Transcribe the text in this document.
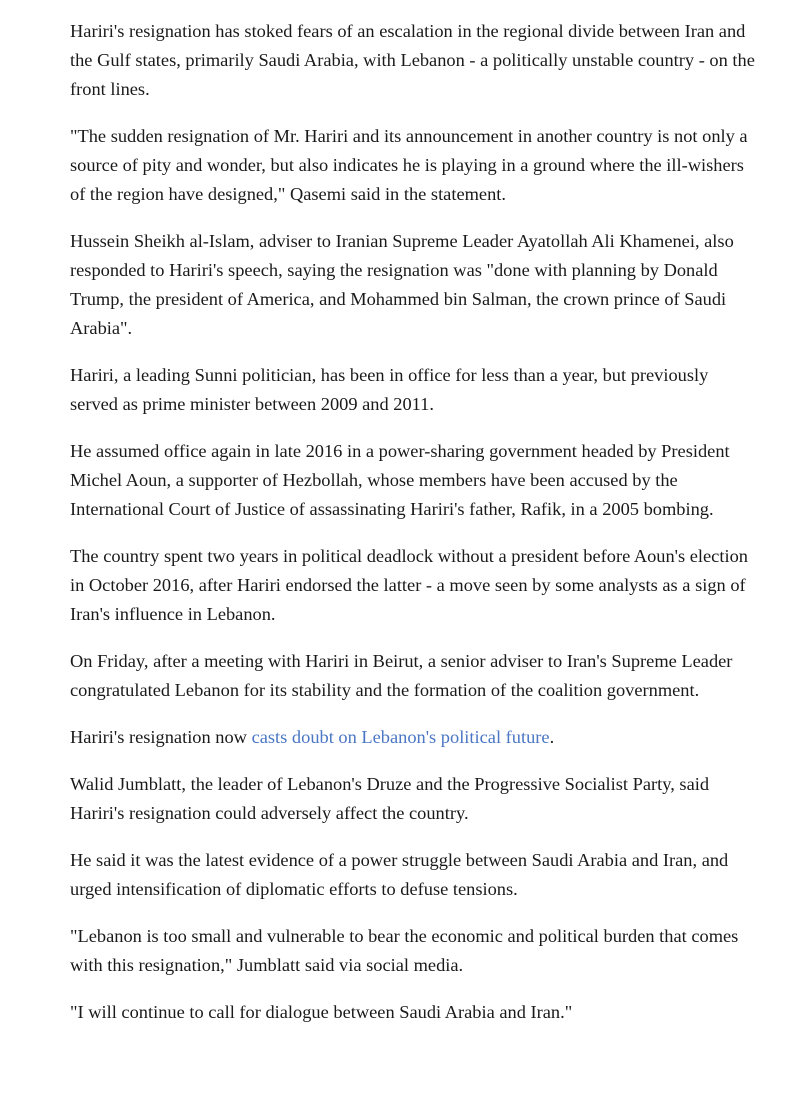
Hariri's resignation has stoked fears of an escalation in the regional divide between Iran and the Gulf states, primarily Saudi Arabia, with Lebanon - a politically unstable country - on the front lines.

"The sudden resignation of Mr. Hariri and its announcement in another country is not only a source of pity and wonder, but also indicates he is playing in a ground where the ill-wishers of the region have designed," Qasemi said in the statement.

Hussein Sheikh al-Islam, adviser to Iranian Supreme Leader Ayatollah Ali Khamenei, also responded to Hariri's speech, saying the resignation was "done with planning by Donald Trump, the president of America, and Mohammed bin Salman, the crown prince of Saudi Arabia".

Hariri, a leading Sunni politician, has been in office for less than a year, but previously served as prime minister between 2009 and 2011.

He assumed office again in late 2016 in a power-sharing government headed by President Michel Aoun, a supporter of Hezbollah, whose members have been accused by the International Court of Justice of assassinating Hariri's father, Rafik, in a 2005 bombing.

The country spent two years in political deadlock without a president before Aoun's election in October 2016, after Hariri endorsed the latter - a move seen by some analysts as a sign of Iran's influence in Lebanon.

On Friday, after a meeting with Hariri in Beirut, a senior adviser to Iran's Supreme Leader congratulated Lebanon for its stability and the formation of the coalition government.

Hariri's resignation now casts doubt on Lebanon's political future.

Walid Jumblatt, the leader of Lebanon's Druze and the Progressive Socialist Party, said Hariri's resignation could adversely affect the country.

He said it was the latest evidence of a power struggle between Saudi Arabia and Iran, and urged intensification of diplomatic efforts to defuse tensions.

"Lebanon is too small and vulnerable to bear the economic and political burden that comes with this resignation," Jumblatt said via social media.

"I will continue to call for dialogue between Saudi Arabia and Iran."
